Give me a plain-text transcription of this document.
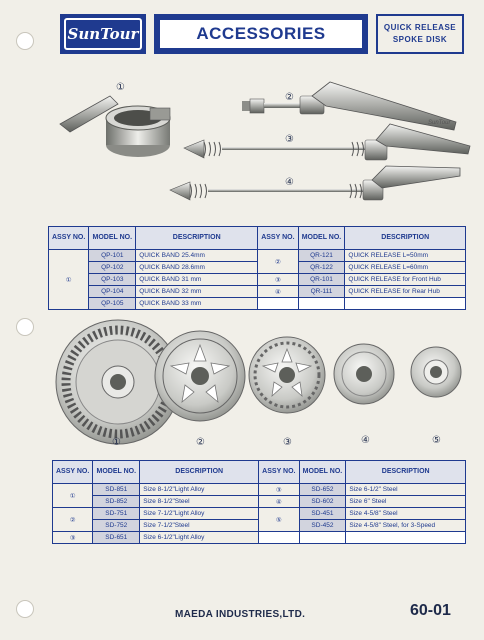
SunTour	ACCESSORIES	QUICK RELEASE
SPOKE DISK
SunTour
①
②
③
④
ASSY NO.	MODEL NO.	DESCRIPTION	ASSY NO.	MODEL NO.	DESCRIPTION
①	QP-101	QUICK BAND 25.4mm	②	QR-121	QUICK RELEASE L=50mm
	QP-102	QUICK BAND 28.6mm		QR-122	QUICK RELEASE L=60mm
	QP-103	QUICK BAND 31 mm	③	QR-101	QUICK RELEASE for Front Hub
	QP-104	QUICK BAND 32 mm	④	QR-111	QUICK RELEASE for Rear Hub
	QP-105	QUICK BAND 33 mm			
①	②	③	④	⑤
ASSY NO.	MODEL NO.	DESCRIPTION	ASSY NO.	MODEL NO.	DESCRIPTION
①	SD-851	Size 8-1/2"Light Alloy	③	SD-652	Size 6-1/2" Steel
	SD-852	Size 8-1/2"Steel	④	SD-602	Size 6" Steel
②	SD-751	Size 7-1/2"Light Alloy	⑤	SD-451	Size 4-5/8" Steel
	SD-752	Size 7-1/2"Steel		SD-452	Size 4-5/8" Steel, for 3-Speed
③	SD-651	Size 6-1/2"Light Alloy			
MAEDA INDUSTRIES,LTD.	60-01
